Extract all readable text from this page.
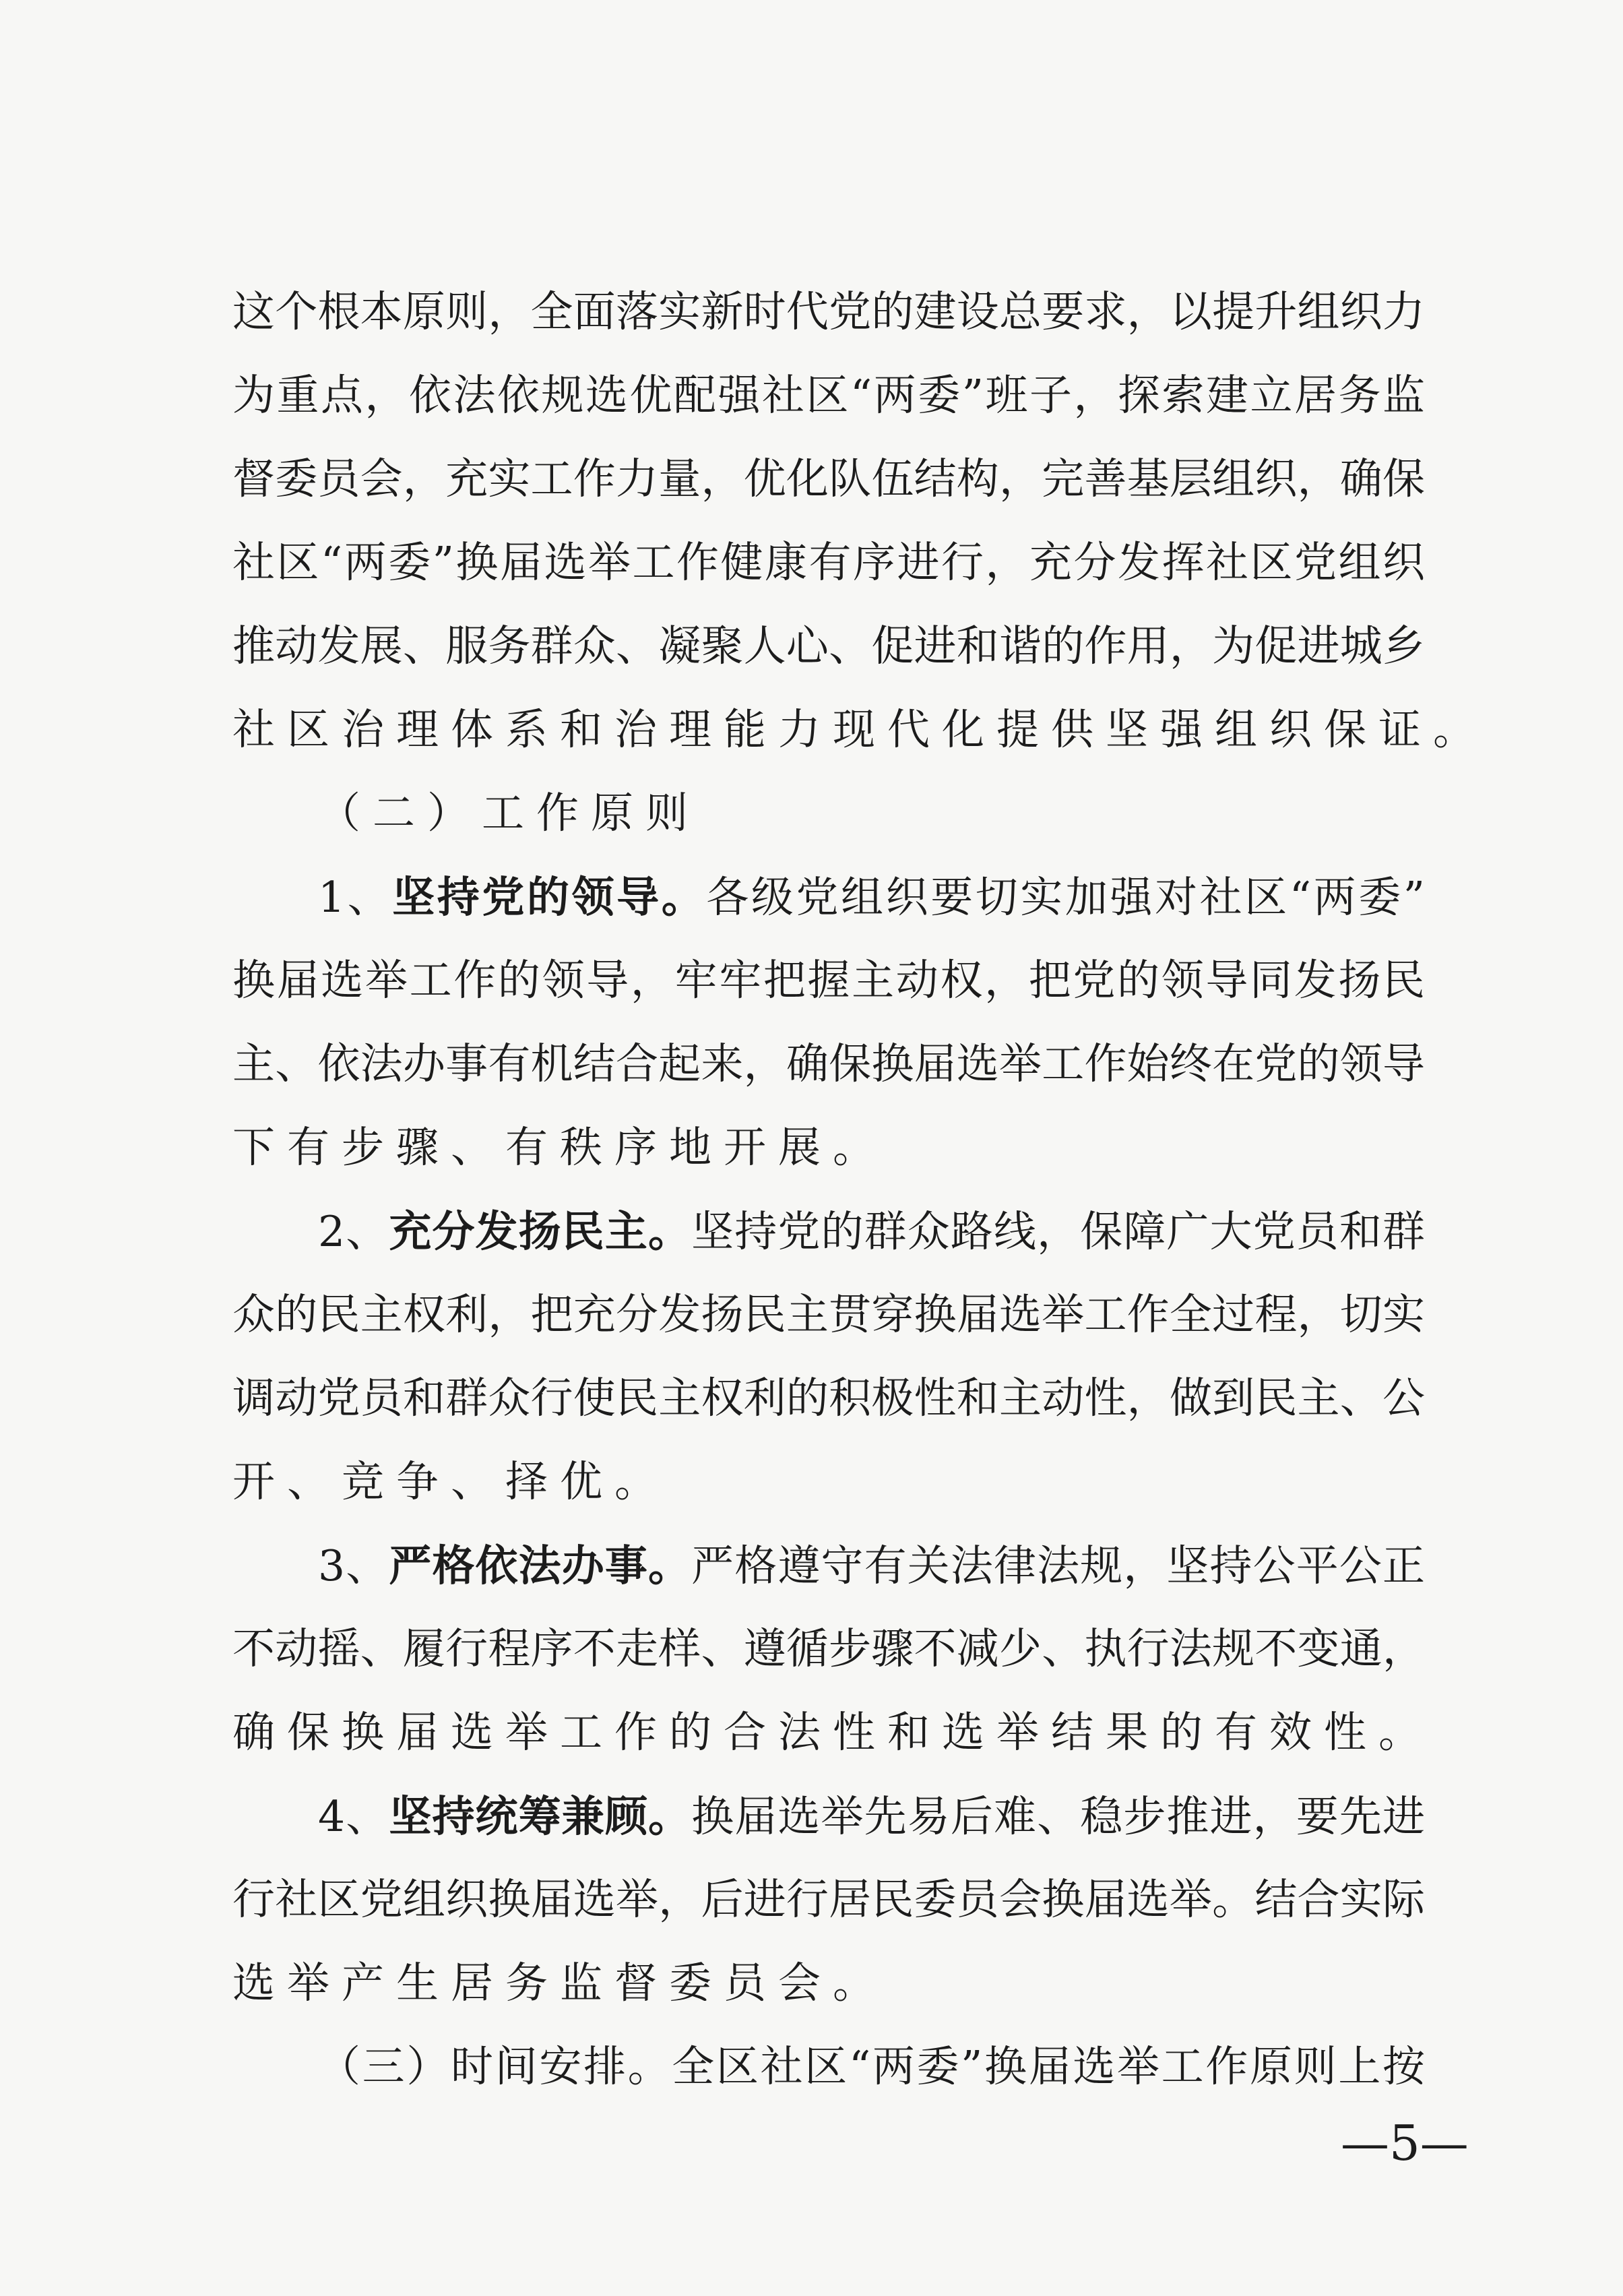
这个根本原则，全面落实新时代党的建设总要求，以提升组织力
为重点，依法依规选优配强社区“两委”班子，探索建立居务监
督委员会，充实工作力量，优化队伍结构，完善基层组织，确保
社区“两委”换届选举工作健康有序进行，充分发挥社区党组织
推动发展、服务群众、凝聚人心、促进和谐的作用，为促进城乡
社区治理体系和治理能力现代化提供坚强组织保证。
（二）工作原则
1、坚持党的领导。各级党组织要切实加强对社区“两委”
换届选举工作的领导，牢牢把握主动权，把党的领导同发扬民
主、依法办事有机结合起来，确保换届选举工作始终在党的领导
下有步骤、有秩序地开展。
2、充分发扬民主。坚持党的群众路线，保障广大党员和群
众的民主权利，把充分发扬民主贯穿换届选举工作全过程，切实
调动党员和群众行使民主权利的积极性和主动性，做到民主、公
开、竞争、择优。
3、严格依法办事。严格遵守有关法律法规，坚持公平公正
不动摇、履行程序不走样、遵循步骤不减少、执行法规不变通，
确保换届选举工作的合法性和选举结果的有效性。
4、坚持统筹兼顾。换届选举先易后难、稳步推进，要先进
行社区党组织换届选举，后进行居民委员会换届选举。结合实际
选举产生居务监督委员会。
（三）时间安排。全区社区“两委”换届选举工作原则上按
—5—
